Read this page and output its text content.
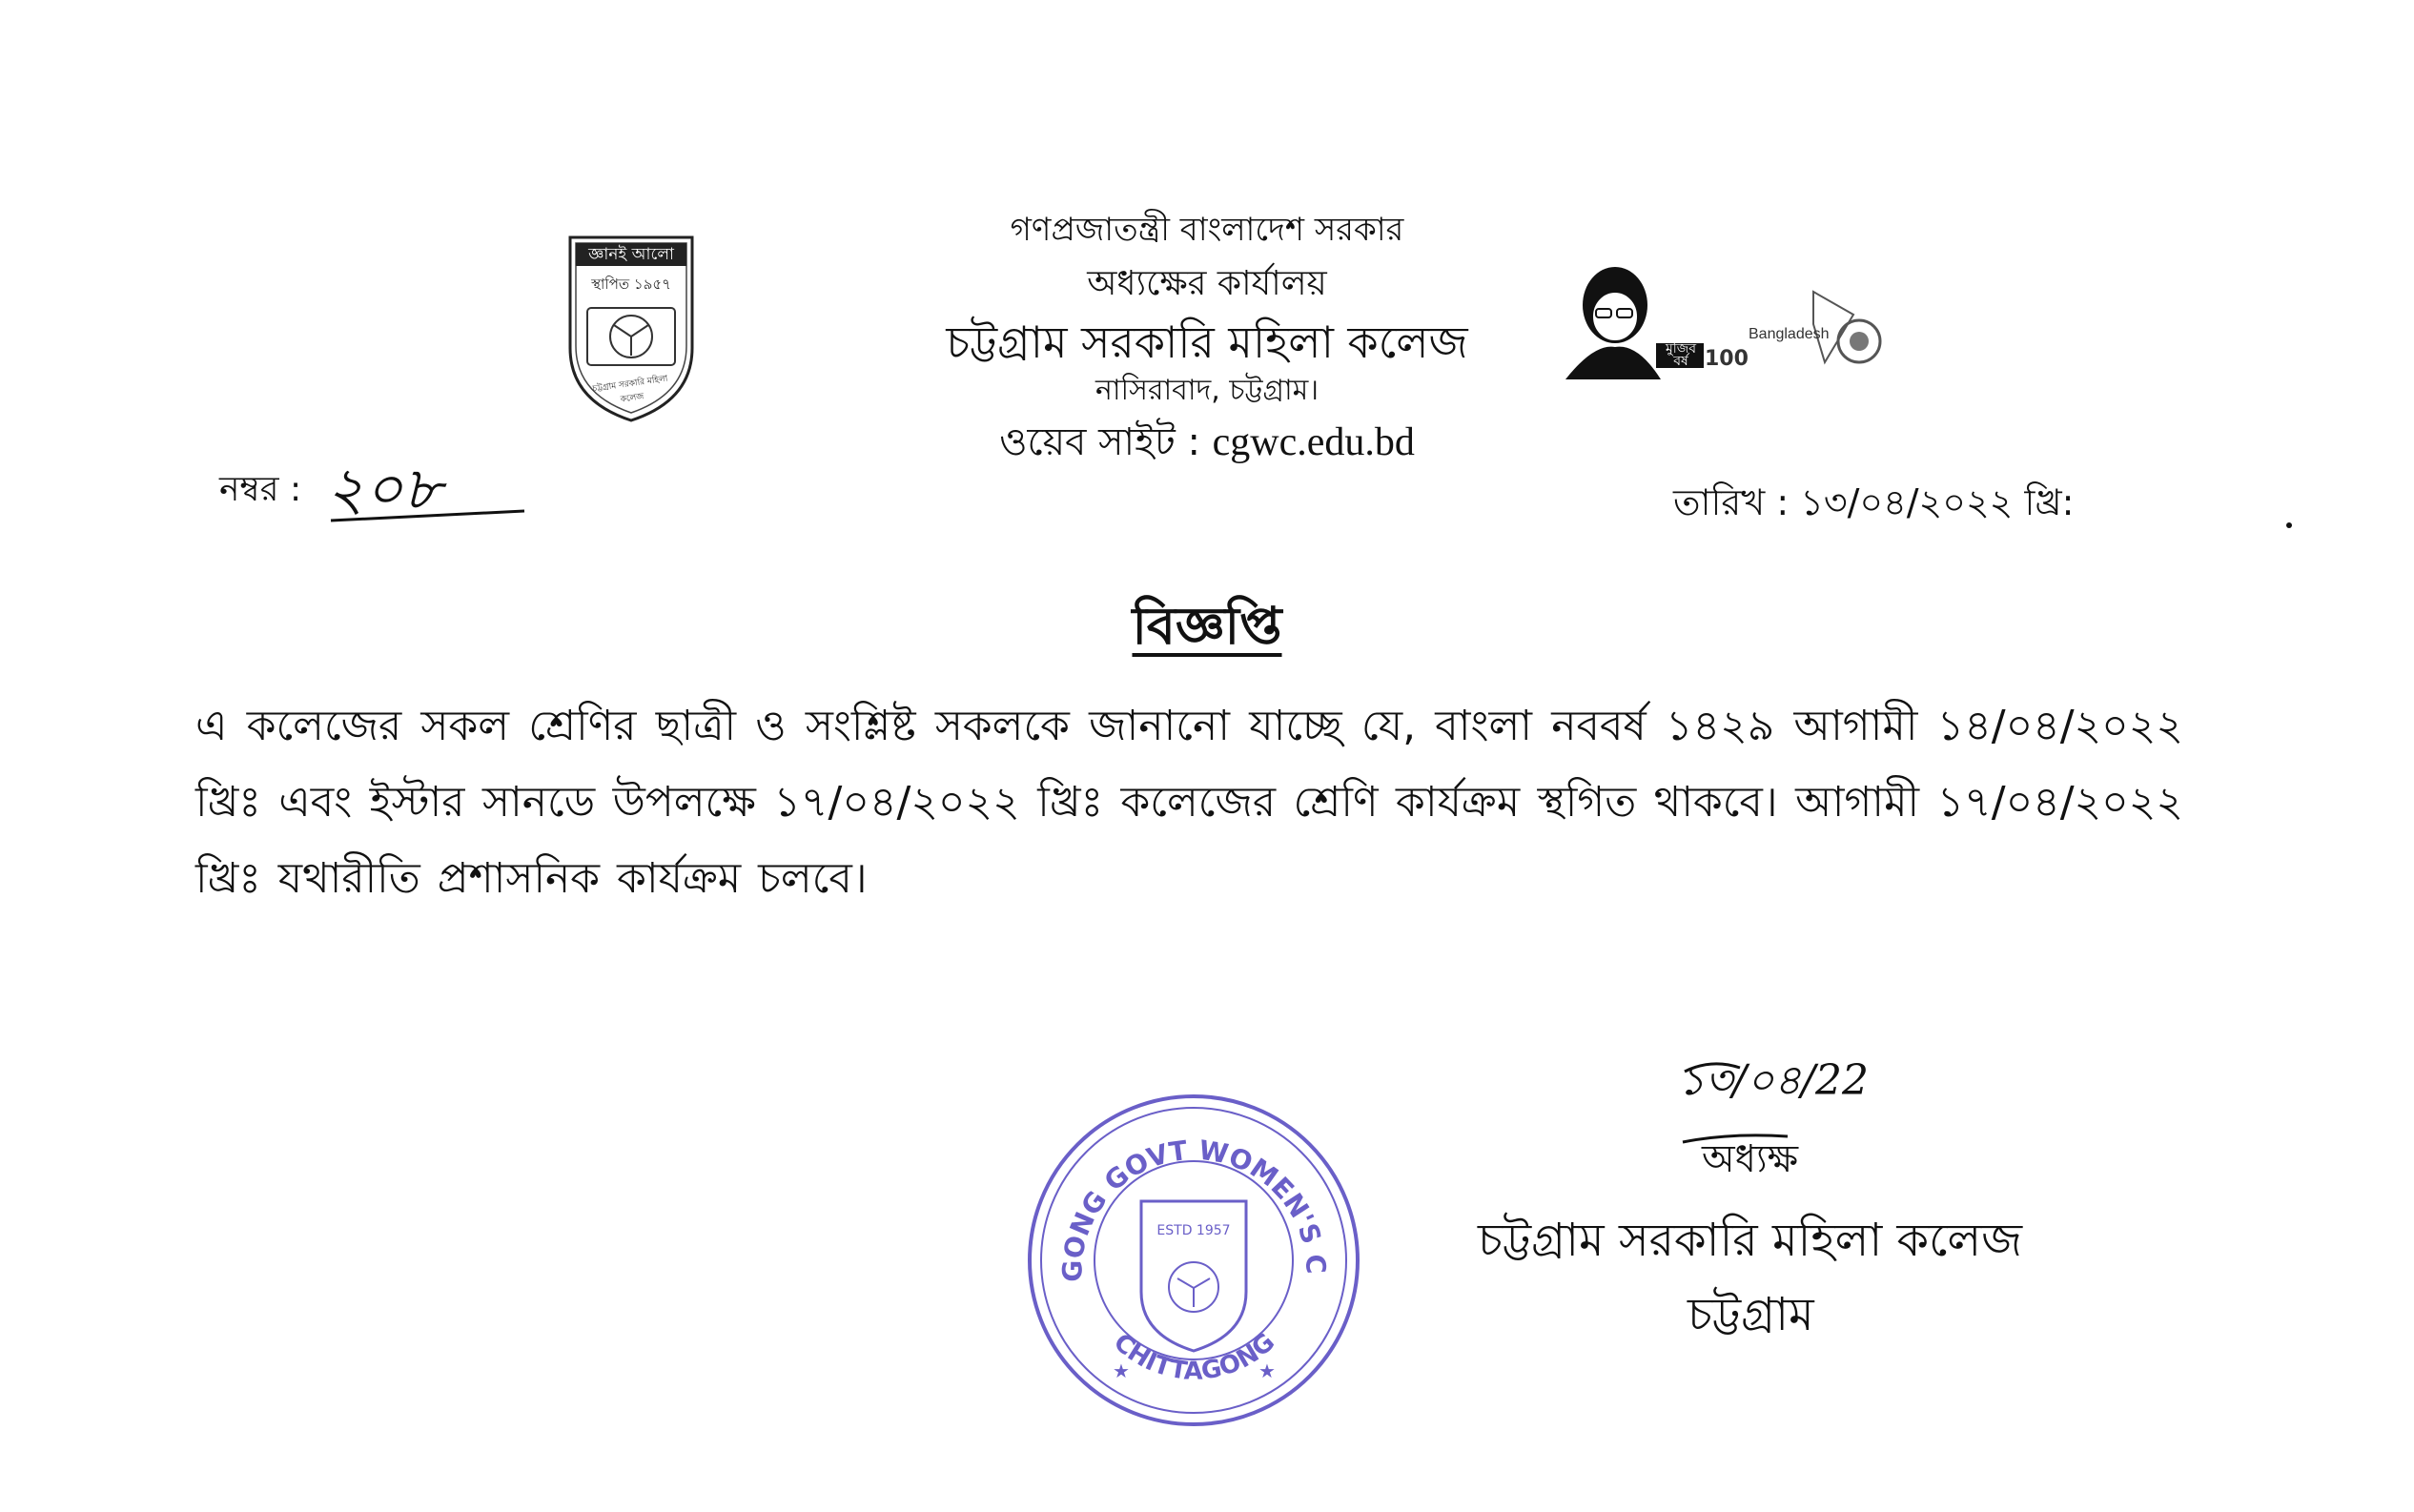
জ্ঞানই আলো
স্থাপিত ১৯৫৭
চট্টগ্রাম সরকারি মহিলা কলেজ
গণপ্রজাতন্ত্রী বাংলাদেশ সরকার
অধ্যক্ষের কার্যালয়
চট্টগ্রাম সরকারি মহিলা কলেজ
নাসিরাবাদ, চট্টগ্রাম।
ওয়েব সাইট : cgwc.edu.bd
মুজিব বর্ষ 100
Bangladesh
নম্বর : ২০৮	তারিখ : ১৩/০৪/২০২২ খ্রি:
বিজ্ঞপ্তি
এ কলেজের সকল শ্রেণির ছাত্রী ও সংশ্লিষ্ট সকলকে জানানো যাচ্ছে যে, বাংলা নববর্ষ ১৪২৯ আগামী ১৪/০৪/২০২২ খ্রিঃ এবং ইস্টার সানডে উপলক্ষে ১৭/০৪/২০২২ খ্রিঃ কলেজের শ্রেণি কার্যক্রম স্থগিত থাকবে। আগামী ১৭/০৪/২০২২ খ্রিঃ যথারীতি প্রশাসনিক কার্যক্রম চলবে।
GONG GOVT WOMEN'S C
CHITTAGONG
★	★
ESTD 1957
১৩/০৪/22
অধ্যক্ষ
চট্টগ্রাম সরকারি মহিলা কলেজ
চট্টগ্রাম
